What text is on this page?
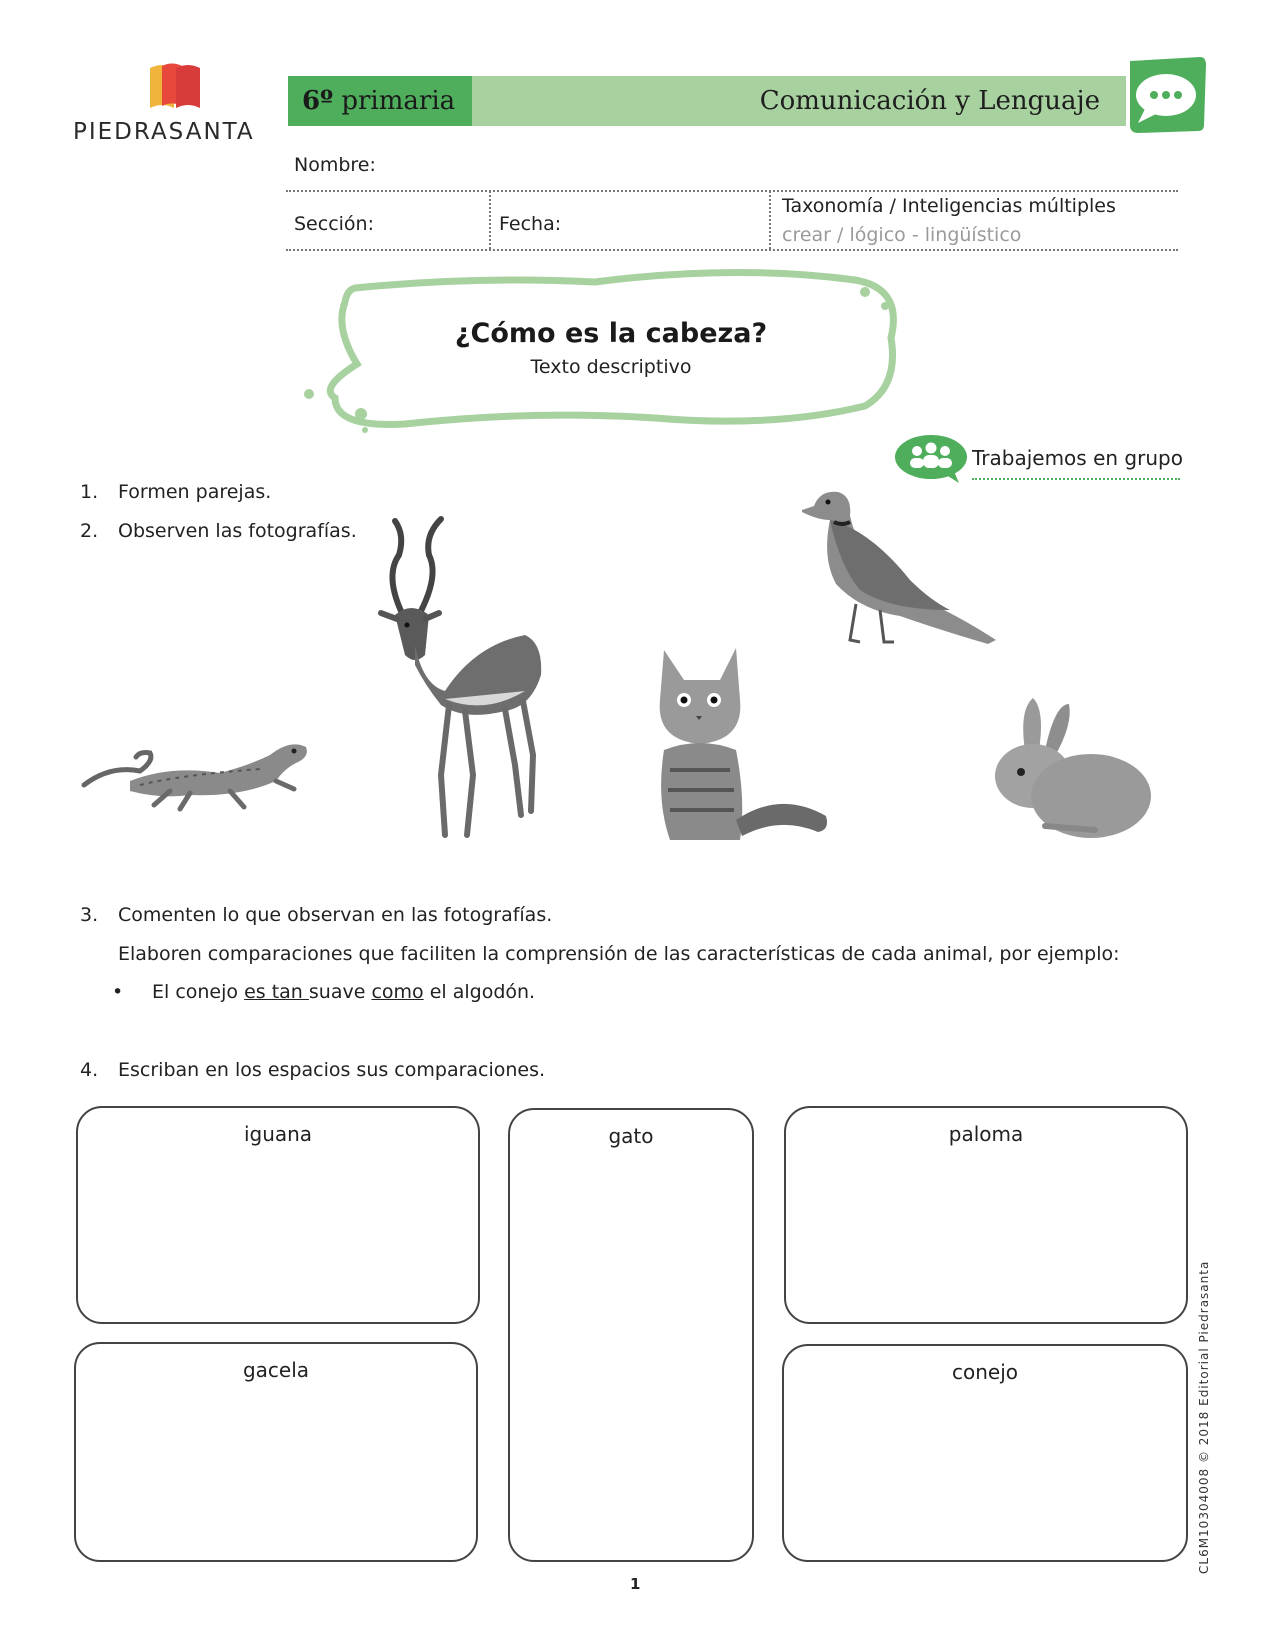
PIEDRASANTA
6º primaria	Comunicación y Lenguaje
Nombre:
Sección:	Fecha:
Taxonomía / Inteligencias múltiples
crear / lógico - lingüístico
¿Cómo es la cabeza?
Texto descriptivo
Trabajemos en grupo
1. Formen parejas.
2. Observen las fotografías.
3. Comenten lo que observan en las fotografías.
Elaboren comparaciones que faciliten la comprensión de las características de cada animal, por ejemplo:
• El conejo es tan suave como el algodón.
4. Escriban en los espacios sus comparaciones.
iguana	gato	paloma
gacela	conejo
1
CL6M10304008 © 2018 Editorial Piedrasanta
